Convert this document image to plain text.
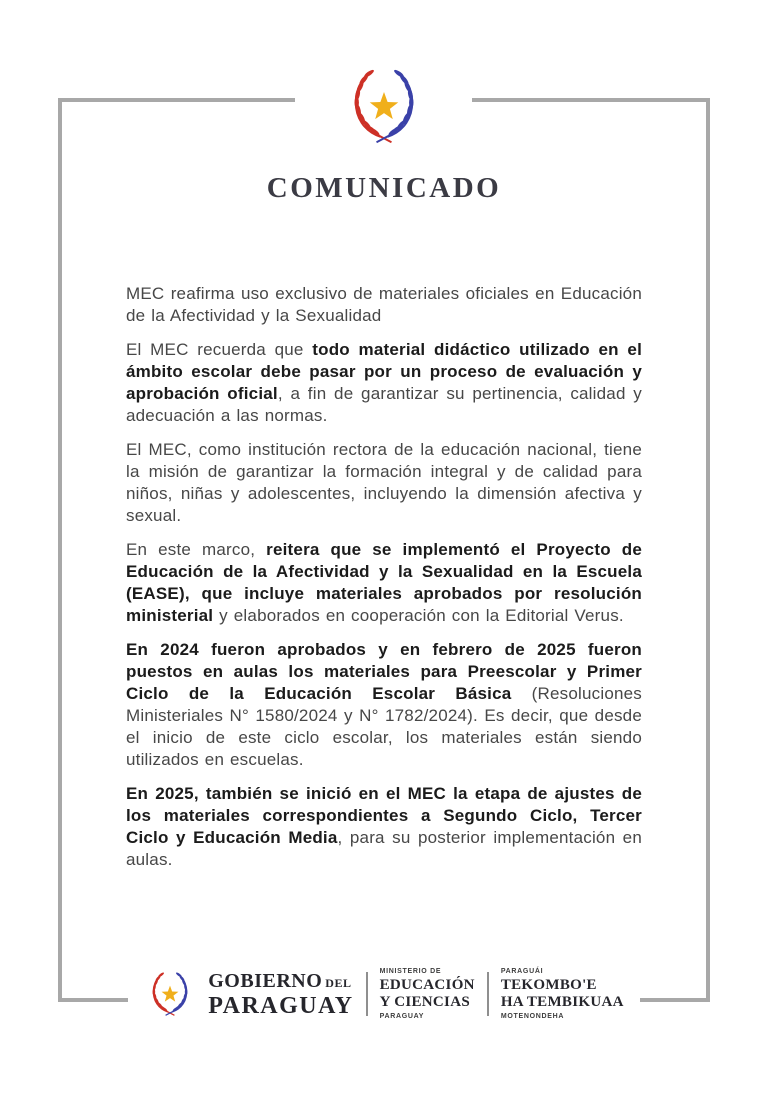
COMUNICADO

MEC reafirma uso exclusivo de materiales oficiales en Educación de la Afectividad y la Sexualidad

El MEC recuerda que todo material didáctico utilizado en el ámbito escolar debe pasar por un proceso de evaluación y aprobación oficial, a fin de garantizar su pertinencia, calidad y adecuación a las normas.

El MEC, como institución rectora de la educación nacional, tiene la misión de garantizar la formación integral y de calidad para niños, niñas y adolescentes, incluyendo la dimensión afectiva y sexual.

En este marco, reitera que se implementó el Proyecto de Educación de la Afectividad y la Sexualidad en la Escuela (EASE), que incluye materiales aprobados por resolución ministerial y elaborados en cooperación con la Editorial Verus.

En 2024 fueron aprobados y en febrero de 2025 fueron puestos en aulas los materiales para Preescolar y Primer Ciclo de la Educación Escolar Básica (Resoluciones Ministeriales N° 1580/2024 y N° 1782/2024). Es decir, que desde el inicio de este ciclo escolar, los materiales están siendo utilizados en escuelas.

En 2025, también se inició en el MEC la etapa de ajustes de los materiales correspondientes a Segundo Ciclo, Tercer Ciclo y Educación Media, para su posterior implementación en aulas.

GOBIERNO DEL
PARAGUAY
MINISTERIO DE
EDUCACIÓN
Y CIENCIAS
PARAGUAY
PARAGUÁI
TEKOMBO'E
HA TEMBIKUAA
MOTENONDEHA
